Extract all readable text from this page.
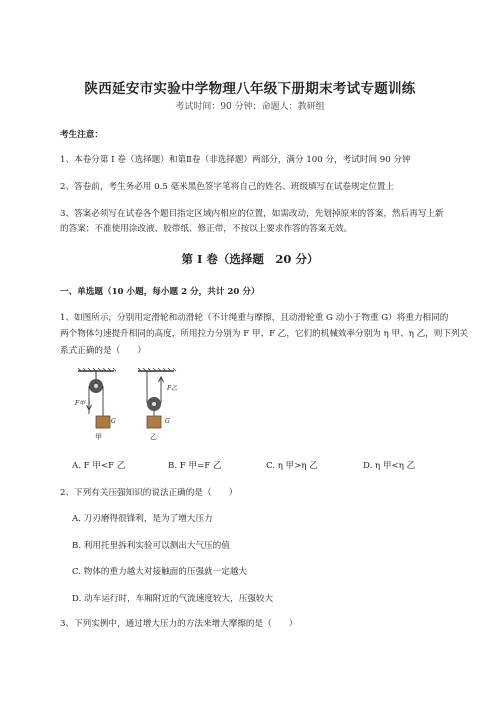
陕西延安市实验中学物理八年级下册期末考试专题训练
考试时间：90 分钟；命题人：教研组
考生注意：
1、本卷分第 I 卷（选择题）和第Ⅱ卷（非选择题）两部分，满分 100 分，考试时间 90 分钟
2、答卷前，考生务必用 0.5 毫米黑色签字笔将自己的姓名、班级填写在试卷规定位置上
3、答案必须写在试卷各个题目指定区域内相应的位置，如需改动，先划掉原来的答案，然后再写上新
的答案；不准使用涂改液、胶带纸、修正带，不按以上要求作答的答案无效。
第 I 卷（选择题　20 分）
一、单选题（10 小题，每小题 2 分，共计 20 分）
1、如图所示，分别用定滑轮和动滑轮（不计绳重与摩擦，且动滑轮重 G 动小于物重 G）将重力相同的
两个物体匀速提升相同的高度，所用拉力分别为 F 甲、F 乙，它们的机械效率分别为 η 甲、η 乙，则下列关
系式正确的是（　　）
F甲
G
甲
F乙
G
乙
A. F 甲<F 乙	B. F 甲=F 乙	C. η 甲>η 乙	D. η 甲<η 乙
2、下列有关压强知识的说法正确的是（　　）
A. 刀刃磨得很锋利，是为了增大压力
B. 利用托里拆利实验可以测出大气压的值
C. 物体的重力越大对接触面的压强就一定越大
D. 动车运行时，车厢附近的气流速度较大，压强较大
3、下列实例中，通过增大压力的方法来增大摩擦的是（　　）
